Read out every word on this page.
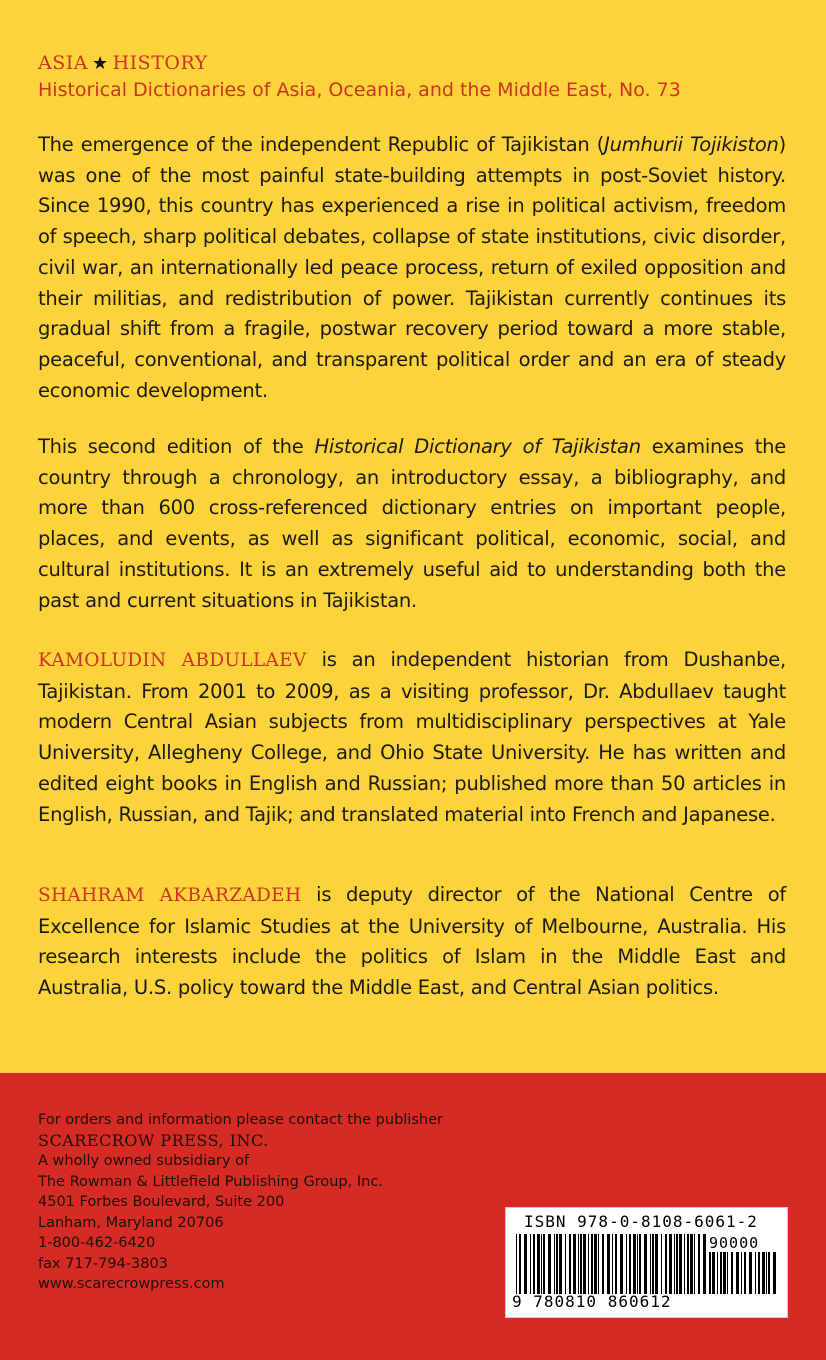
ASIA ★ HISTORY
Historical Dictionaries of Asia, Oceania, and the Middle East, No. 73
The emergence of the independent Republic of Tajikistan (Jumhurii Tojikiston) was one of the most painful state-building attempts in post-Soviet history. Since 1990, this country has experienced a rise in political activism, freedom of speech, sharp political debates, collapse of state institutions, civic disorder, civil war, an internationally led peace process, return of exiled opposition and their militias, and redistribution of power. Tajikistan currently continues its gradual shift from a fragile, postwar recovery period toward a more stable, peaceful, conventional, and transparent political order and an era of steady economic development.
This second edition of the Historical Dictionary of Tajikistan examines the country through a chronology, an introductory essay, a bibliography, and more than 600 cross-referenced dictionary entries on important people, places, and events, as well as significant political, economic, social, and cultural institutions. It is an extremely useful aid to understanding both the past and current situations in Tajikistan.
KAMOLUDIN ABDULLAEV is an independent historian from Dushanbe, Tajikistan. From 2001 to 2009, as a visiting professor, Dr. Abdullaev taught modern Central Asian subjects from multidisciplinary perspectives at Yale University, Allegheny College, and Ohio State University. He has written and edited eight books in English and Russian; published more than 50 articles in English, Russian, and Tajik; and translated material into French and Japanese.
SHAHRAM AKBARZADEH is deputy director of the National Centre of Excellence for Islamic Studies at the University of Melbourne, Australia. His research interests include the politics of Islam in the Middle East and Australia, U.S. policy toward the Middle East, and Central Asian politics.
For orders and information please contact the publisher
SCARECROW PRESS, INC.
A wholly owned subsidiary of
The Rowman & Littlefield Publishing Group, Inc.
4501 Forbes Boulevard, Suite 200
Lanham, Maryland 20706
1-800-462-6420
fax 717-794-3803
www.scarecrowpress.com
ISBN 978-0-8108-6061-2
90000
9 780810 860612
